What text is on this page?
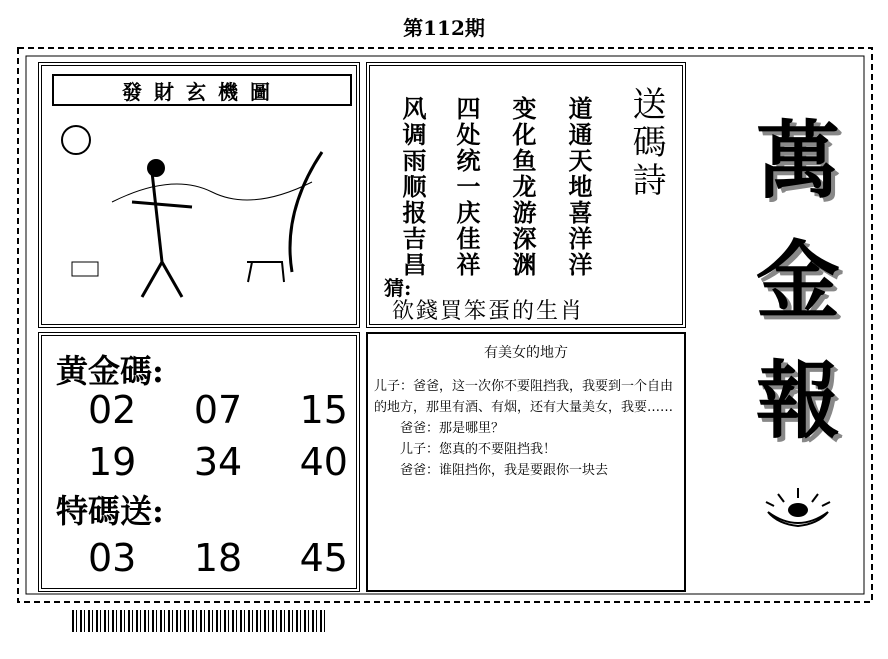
第112期
發財玄機圖
道通天地喜洋洋
变化鱼龙游深渊
四处统一庆佳祥
风调雨顺报吉昌	送碼詩
猜:
欲錢買笨蛋的生肖
黄金碼:
02 07 15
19 34 40
特碼送:
03 18 45
有美女的地方

儿子：爸爸，这一次你不要阻挡我，我要到一个自由的地方，那里有酒、有烟，还有大量美女，我要……

　　爸爸：那是哪里？

　　儿子：您真的不要阻挡我！

　　爸爸：谁阻挡你，我是要跟你一块去

萬
金
報
